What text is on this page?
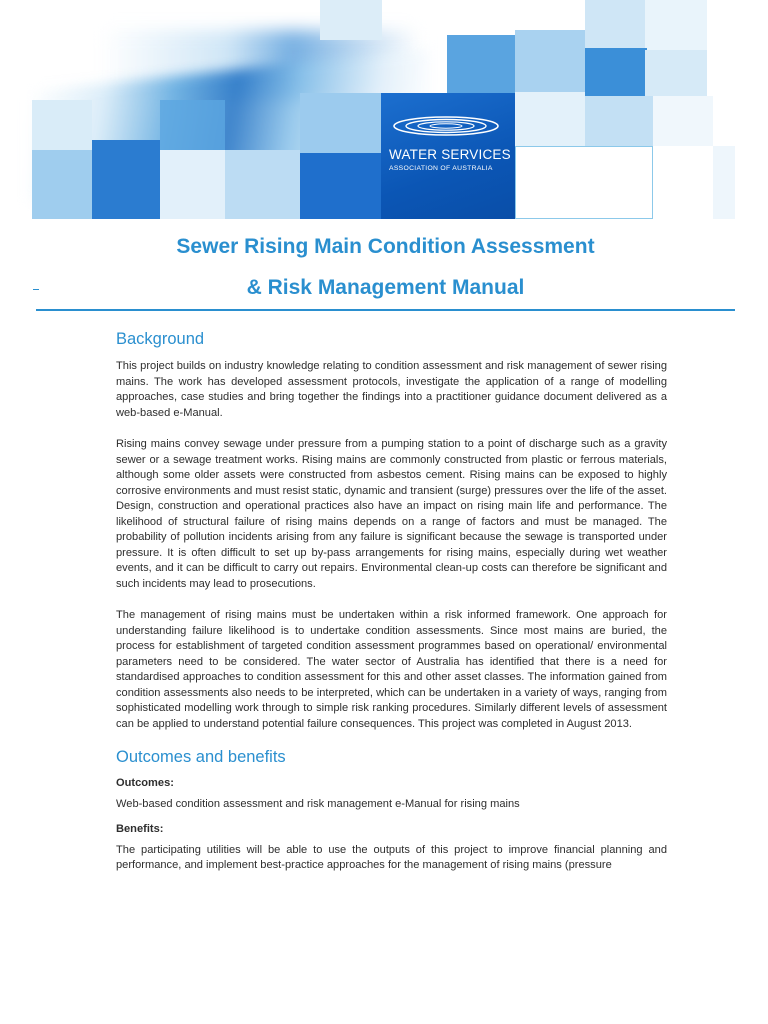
WATER SERVICES
ASSOCIATION OF AUSTRALIA
Sewer Rising Main Condition Assessment
& Risk Management Manual
Background

This project builds on industry knowledge relating to condition assessment and risk management of sewer rising mains. The work has developed assessment protocols, investigate the application of a range of modelling approaches, case studies and bring together the findings into a practitioner guidance document delivered as a web-based e-Manual.

Rising mains convey sewage under pressure from a pumping station to a point of discharge such as a gravity sewer or a sewage treatment works. Rising mains are commonly constructed from plastic or ferrous materials, although some older assets were constructed from asbestos cement. Rising mains can be exposed to highly corrosive environments and must resist static, dynamic and transient (surge) pressures over the life of the asset. Design, construction and operational practices also have an impact on rising main life and performance. The likelihood of structural failure of rising mains depends on a range of factors and must be managed. The probability of pollution incidents arising from any failure is significant because the sewage is transported under pressure. It is often difficult to set up by-pass arrangements for rising mains, especially during wet weather events, and it can be difficult to carry out repairs. Environmental clean-up costs can therefore be significant and such incidents may lead to prosecutions.

The management of rising mains must be undertaken within a risk informed framework. One approach for understanding failure likelihood is to undertake condition assessments. Since most mains are buried, the process for establishment of targeted condition assessment programmes based on operational/ environmental parameters need to be considered. The water sector of Australia has identified that there is a need for standardised approaches to condition assessment for this and other asset classes. The information gained from condition assessments also needs to be interpreted, which can be undertaken in a variety of ways, ranging from sophisticated modelling work through to simple risk ranking procedures. Similarly different levels of assessment can be applied to understand potential failure consequences. This project was completed in August 2013.

Outcomes and benefits
Outcomes:

Web-based condition assessment and risk management e-Manual for rising mains

Benefits:

The participating utilities will be able to use the outputs of this project to improve financial planning and performance, and implement best-practice approaches for the management of rising mains (pressure
